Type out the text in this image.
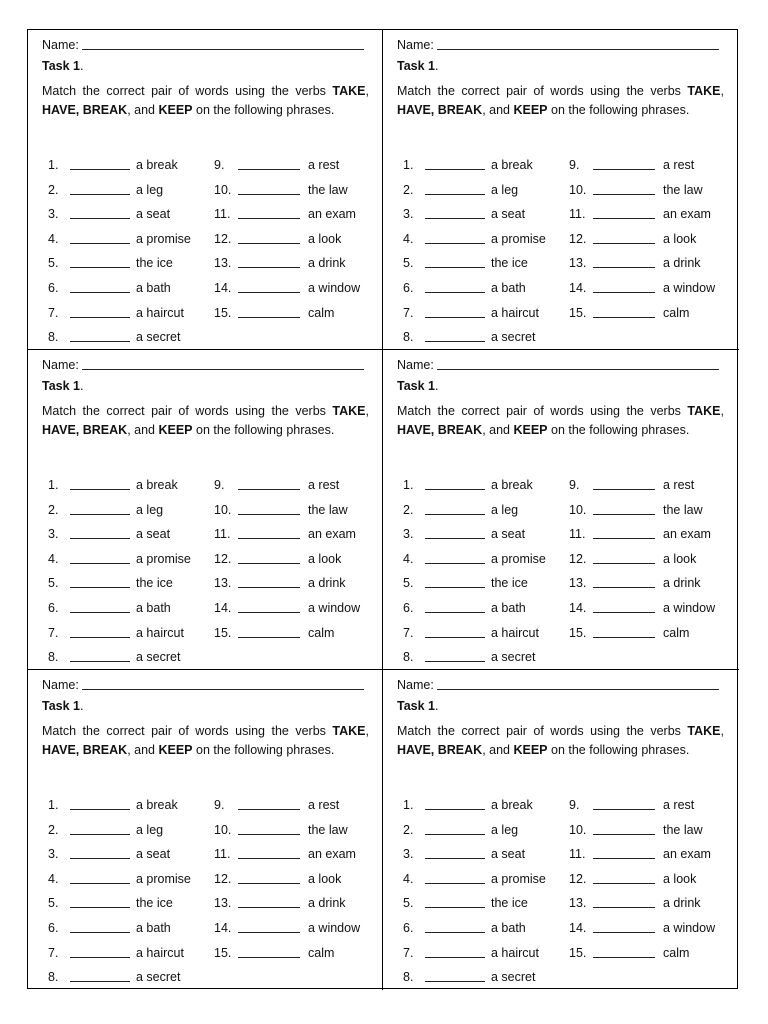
Name:
Task 1.
Match the correct pair of words using the verbs TAKE, HAVE, BREAK, and KEEP on the following phrases.
1.	a break
2.	a leg
3.	a seat
4.	a promise
5.	the ice
6.	a bath
7.	a haircut
8.	a secret
9.	a rest
10.	the law
11.	an exam
12.	a look
13.	a drink
14.	a window
15.	calm
Name:
Task 1.
Match the correct pair of words using the verbs TAKE, HAVE, BREAK, and KEEP on the following phrases.
1.	a break
2.	a leg
3.	a seat
4.	a promise
5.	the ice
6.	a bath
7.	a haircut
8.	a secret
9.	a rest
10.	the law
11.	an exam
12.	a look
13.	a drink
14.	a window
15.	calm
Name:
Task 1.
Match the correct pair of words using the verbs TAKE, HAVE, BREAK, and KEEP on the following phrases.
1.	a break
2.	a leg
3.	a seat
4.	a promise
5.	the ice
6.	a bath
7.	a haircut
8.	a secret
9.	a rest
10.	the law
11.	an exam
12.	a look
13.	a drink
14.	a window
15.	calm
Name:
Task 1.
Match the correct pair of words using the verbs TAKE, HAVE, BREAK, and KEEP on the following phrases.
1.	a break
2.	a leg
3.	a seat
4.	a promise
5.	the ice
6.	a bath
7.	a haircut
8.	a secret
9.	a rest
10.	the law
11.	an exam
12.	a look
13.	a drink
14.	a window
15.	calm
Name:
Task 1.
Match the correct pair of words using the verbs TAKE, HAVE, BREAK, and KEEP on the following phrases.
1.	a break
2.	a leg
3.	a seat
4.	a promise
5.	the ice
6.	a bath
7.	a haircut
8.	a secret
9.	a rest
10.	the law
11.	an exam
12.	a look
13.	a drink
14.	a window
15.	calm
Name:
Task 1.
Match the correct pair of words using the verbs TAKE, HAVE, BREAK, and KEEP on the following phrases.
1.	a break
2.	a leg
3.	a seat
4.	a promise
5.	the ice
6.	a bath
7.	a haircut
8.	a secret
9.	a rest
10.	the law
11.	an exam
12.	a look
13.	a drink
14.	a window
15.	calm
